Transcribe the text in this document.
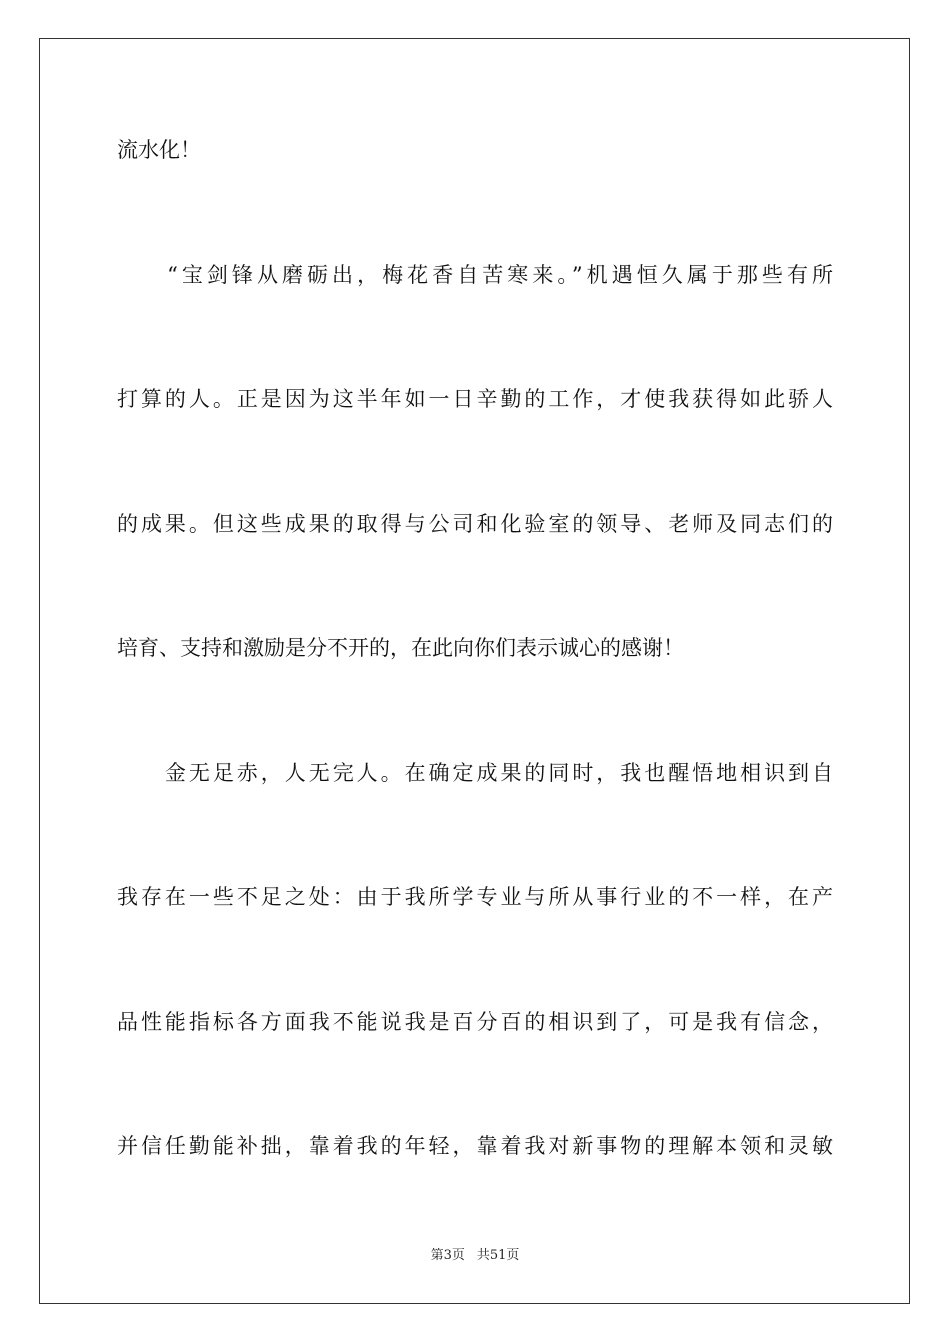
流水化！
　　“宝剑锋从磨砺出，梅花香自苦寒来。”机遇恒久属于那些有所
打算的人。正是因为这半年如一日辛勤的工作，才使我获得如此骄人
的成果。但这些成果的取得与公司和化验室的领导、老师及同志们的
培育、支持和激励是分不开的，在此向你们表示诚心的感谢！
　　金无足赤，人无完人。在确定成果的同时，我也醒悟地相识到自
我存在一些不足之处：由于我所学专业与所从事行业的不一样，在产
品性能指标各方面我不能说我是百分百的相识到了，可是我有信念，
并信任勤能补拙，靠着我的年轻，靠着我对新事物的理解本领和灵敏
第3页 共51页
